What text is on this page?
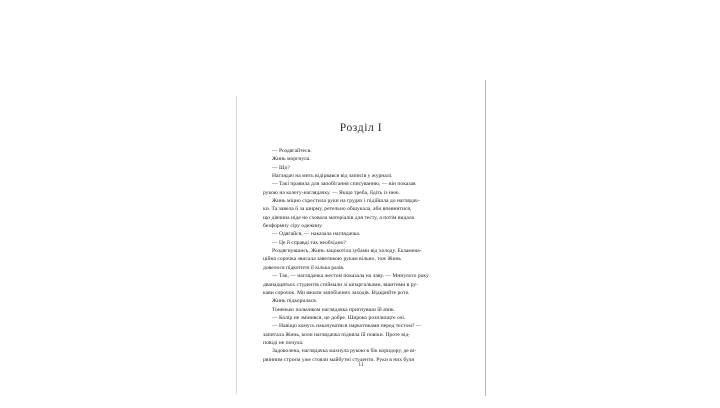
Розділ I

— Роздягайтеся.

Жинь моргнула.

— Що?

Наглядач на мить відірвався від записів у журналі.

— Такі правила для запобігання списуванню, — він показав

рукою на колегу-наглядачку. — Якщо треба, йдіть із нею.

Жинь міцно схрестила руки на грудях і підійшла до наглядач-

ки. Та завела її за ширму, ретельно обшукала, аби впевнитися,

що дівчина ніде не сховала матеріалів для тесту, а потім видала

безформну сіру одежину.

— Одягайся, — наказала наглядачка.

— Це й справді так необхідно?

Роздягнувшись, Жинь зацокотіла зубами від холоду. Екзамена-

ційна сорочка звисала завеликою рукам вільно, тож Жинь

довелося підкотити її кілька разів.

— Так, — наглядачка жестом показала на лаву. — Минулого року

дванадцятьох студентів спіймали зі шпаргалками, вшитими в ру-

кави сорочок. Ми вжили запобіжних заходів. Відкрийте рота.

Жинь підкорилася.

Тоненько пальчиком наглядачка пригнувши їй язик.

— Колір не змінився, це добре. Широко розплющте очі.

— Навіщо комусь накачуватися наркотиками перед тестом? —

запитала Жинь, коли наглядачка підняла їй повіки. Проте від-

повіді не почула.

Задоволена, наглядачка махнула рукою в бік коридору, де ві-

рвінним строєм уже стояли майбутні студенти. Руки в них були

11
